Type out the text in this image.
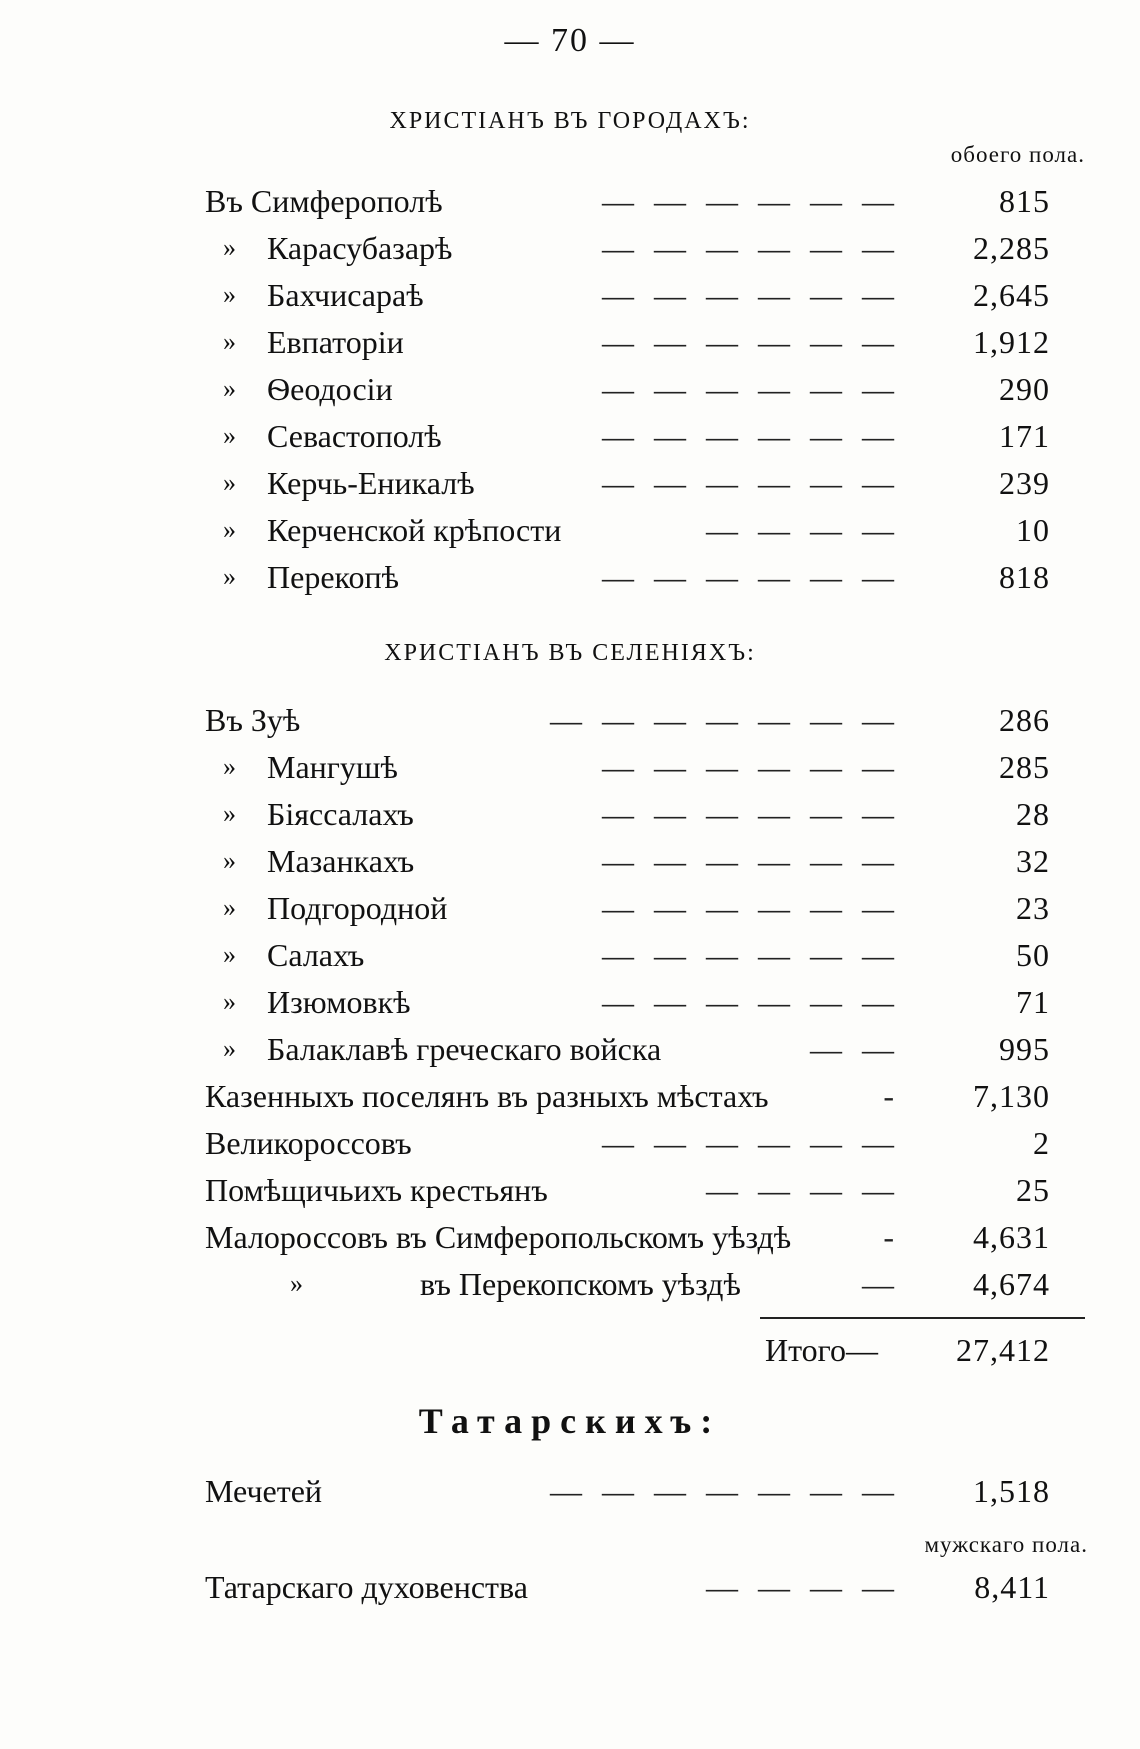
— 70 —
ХРИСТІАНЪ ВЪ ГОРОДАХЪ:
обоего пола.
Въ Симферополѣ	— — — — — —	815
» Карасубазарѣ	— — — — — —	2,285
» Бахчисараѣ	— — — — — —	2,645
» Евпаторіи	— — — — — —	1,912
» Ѳеодосіи	— — — — — —	290
» Севастополѣ	— — — — — —	171
» Керчь-Еникалѣ	— — — — — —	239
» Керченской крѣпости	— — — —	10
» Перекопѣ	— — — — — —	818
ХРИСТІАНЪ ВЪ СЕЛЕНІЯХЪ:
Въ Зуѣ	— — — — — — —	286
» Мангушѣ	— — — — — —	285
» Біяссалахъ	— — — — — —	28
» Мазанкахъ	— — — — — —	32
» Подгородной	— — — — — —	23
» Салахъ	— — — — — —	50
» Изюмовкѣ	— — — — — —	71
» Балаклавѣ греческаго войска	— —	995
Казенныхъ поселянъ въ разныхъ мѣстахъ	-	7,130
Великороссовъ	— — — — — —	2
Помѣщичьихъ крестьянъ	— — — —	25
Малороссовъ въ Симферопольскомъ уѣздѣ	-	4,631
»	въ Перекопскомъ уѣздѣ	—	4,674
Итого— 27,412
Татарскихъ:
Мечетей	— — — — — — —	1,518
мужскаго пола.
Татарскаго духовенства	— — — —	8,411
